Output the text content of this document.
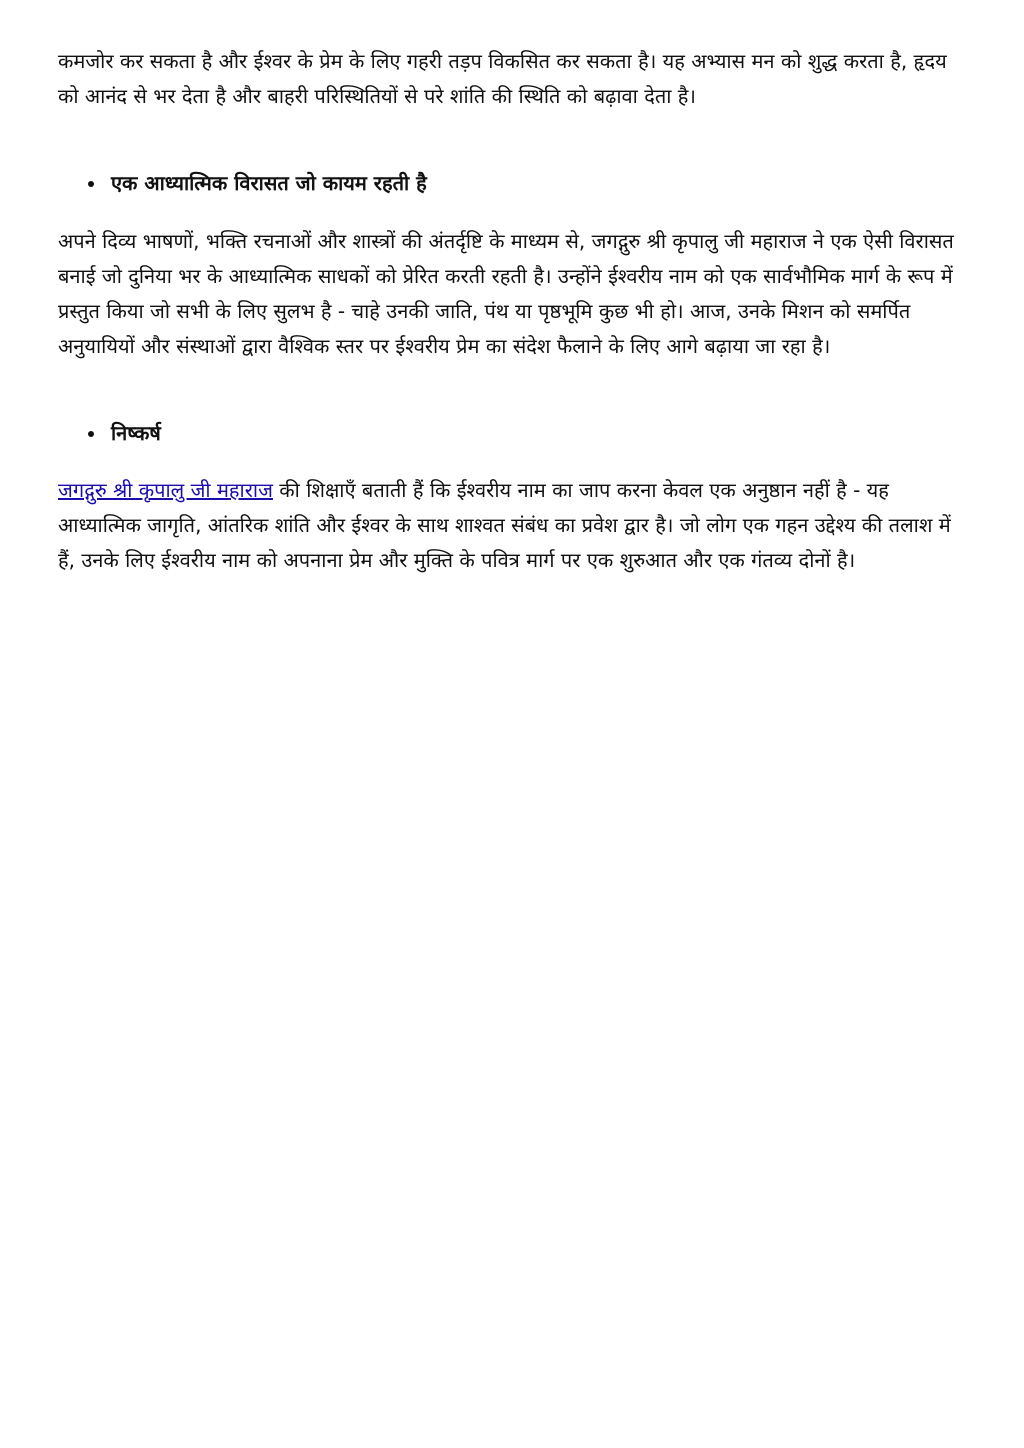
कमजोर कर सकता है और ईश्वर के प्रेम के लिए गहरी तड़प विकसित कर सकता है। यह अभ्यास मन को शुद्ध करता है, हृदय को आनंद से भर देता है और बाहरी परिस्थितियों से परे शांति की स्थिति को बढ़ावा देता है।

एक आध्यात्मिक विरासत जो कायम रहती है

अपने दिव्य भाषणों, भक्ति रचनाओं और शास्त्रों की अंतर्दृष्टि के माध्यम से, जगद्गुरु श्री कृपालु जी महाराज ने एक ऐसी विरासत बनाई जो दुनिया भर के आध्यात्मिक साधकों को प्रेरित करती रहती है। उन्होंने ईश्वरीय नाम को एक सार्वभौमिक मार्ग के रूप में प्रस्तुत किया जो सभी के लिए सुलभ है - चाहे उनकी जाति, पंथ या पृष्ठभूमि कुछ भी हो। आज, उनके मिशन को समर्पित अनुयायियों और संस्थाओं द्वारा वैश्विक स्तर पर ईश्वरीय प्रेम का संदेश फैलाने के लिए आगे बढ़ाया जा रहा है।

निष्कर्ष

जगद्गुरु श्री कृपालु जी महाराज की शिक्षाएँ बताती हैं कि ईश्वरीय नाम का जाप करना केवल एक अनुष्ठान नहीं है - यह आध्यात्मिक जागृति, आंतरिक शांति और ईश्वर के साथ शाश्वत संबंध का प्रवेश द्वार है। जो लोग एक गहन उद्देश्य की तलाश में हैं, उनके लिए ईश्वरीय नाम को अपनाना प्रेम और मुक्ति के पवित्र मार्ग पर एक शुरुआत और एक गंतव्य दोनों है।
